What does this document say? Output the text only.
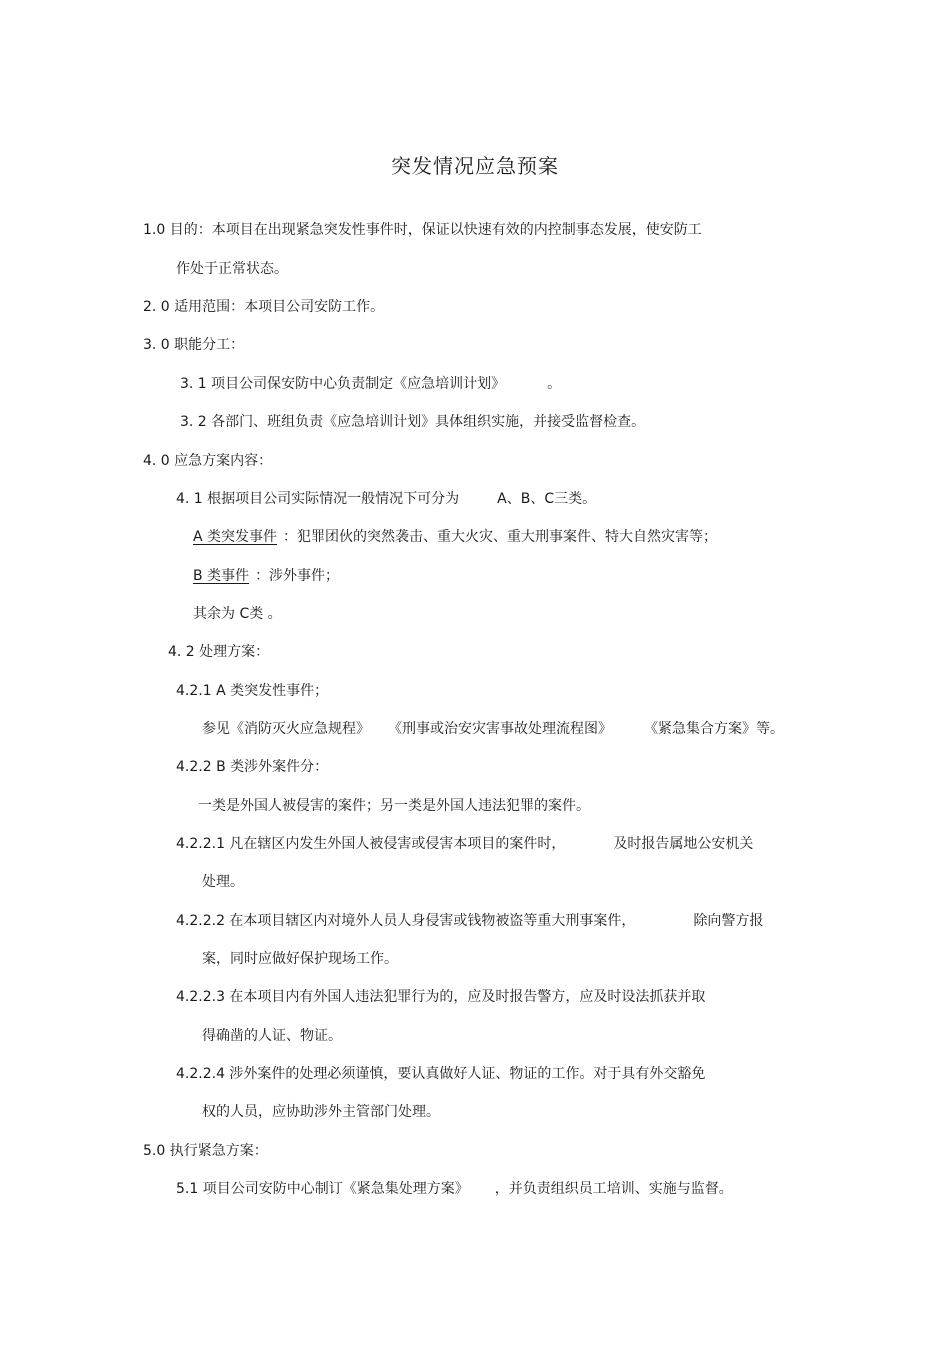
突发情况应急预案
1.0 目的：本项目在出现紧急突发性事件时，保证以快速有效的内控制事态发展，使安防工
作处于正常状态。
2. 0 适用范围：本项目公司安防工作。
3. 0 职能分工：
3. 1 项目公司保安防中心负责制定《应急培训计划》	。
3. 2 各部门、班组负责《应急培训计划》具体组织实施，并接受监督检查。
4. 0 应急方案内容：
4. 1 根据项目公司实际情况一般情况下可分为	A、B、C三类。
A 类突发事件 ：犯罪团伙的突然袭击、重大火灾、重大刑事案件、特大自然灾害等；
B 类事件 ：涉外事件；
其余为 C类 。
4. 2 处理方案：
4.2.1 A 类突发性事件；
参见《消防灭火应急规程》 《刑事或治安灾害事故处理流程图》 《紧急集合方案》等。
4.2.2 B 类涉外案件分：
一类是外国人被侵害的案件；另一类是外国人违法犯罪的案件。
4.2.2.1 凡在辖区内发生外国人被侵害或侵害本项目的案件时，	及时报告属地公安机关
处理。
4.2.2.2 在本项目辖区内对境外人员人身侵害或钱物被盗等重大刑事案件，	除向警方报
案，同时应做好保护现场工作。
4.2.2.3 在本项目内有外国人违法犯罪行为的，应及时报告警方，应及时设法抓获并取
得确凿的人证、物证。
4.2.2.4 涉外案件的处理必须谨慎，要认真做好人证、物证的工作。对于具有外交豁免
权的人员，应协助涉外主管部门处理。
5.0 执行紧急方案：
5.1 项目公司安防中心制订《紧急集处理方案》 ，并负责组织员工培训、实施与监督。
